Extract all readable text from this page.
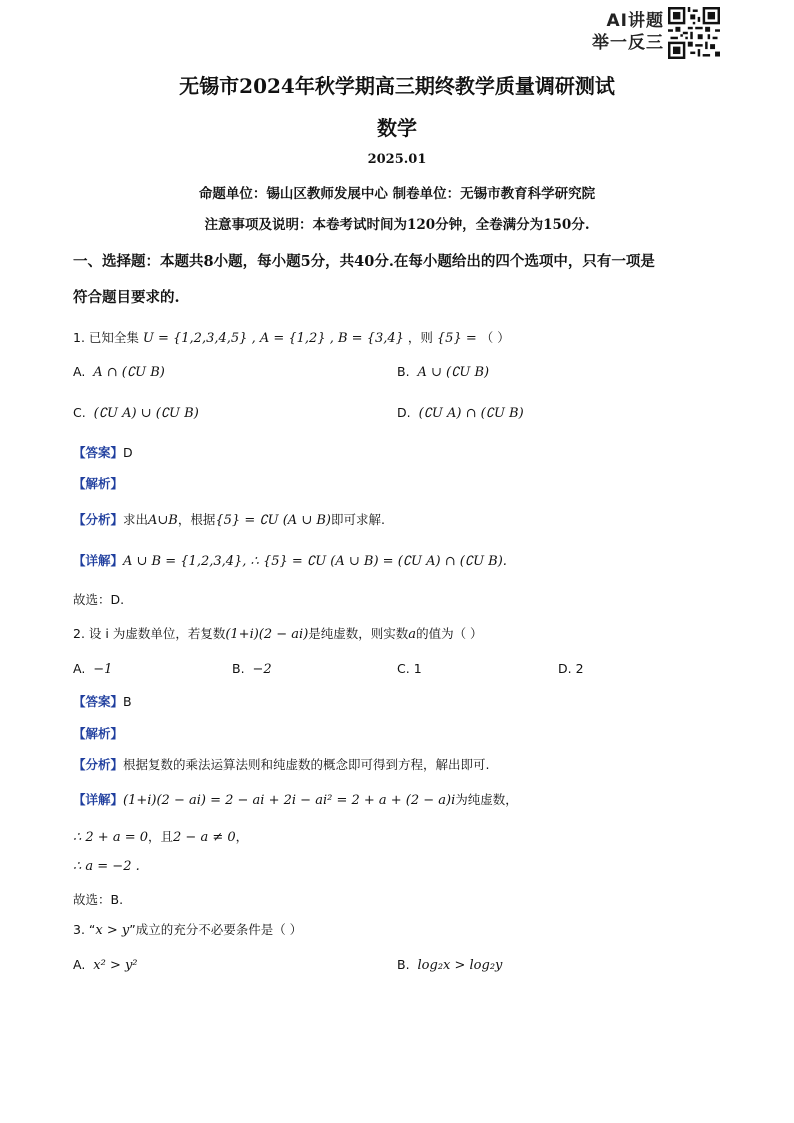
AI讲题
举一反三
无锡市2024年秋学期高三期终教学质量调研测试
数学
2025.01
命题单位：锡山区教师发展中心 制卷单位：无锡市教育科学研究院
注意事项及说明：本卷考试时间为120分钟，全卷满分为150分.
一、选择题：本题共8小题，每小题5分，共40分.在每小题给出的四个选项中，只有一项是
符合题目要求的.
1. 已知全集 U = {1,2,3,4,5} , A = {1,2} , B = {3,4} ，则 {5} = （ ）
A. A ∩ (∁U B)	B. A ∪ (∁U B)
C. (∁U A) ∪ (∁U B)	D. (∁U A) ∩ (∁U B)
【答案】D
【解析】
【分析】求出A∪B，根据{5} = ∁U (A ∪ B)即可求解.
【详解】A ∪ B = {1,2,3,4}, ∴ {5} = ∁U (A ∪ B) = (∁U A) ∩ (∁U B).
故选：D.
2. 设 i 为虚数单位，若复数(1+i)(2 − ai)是纯虚数，则实数a的值为（ ）
A. −1	B. −2	C. 1	D. 2
【答案】B
【解析】
【分析】根据复数的乘法运算法则和纯虚数的概念即可得到方程，解出即可.
【详解】(1+i)(2 − ai) = 2 − ai + 2i − ai² = 2 + a + (2 − a)i为纯虚数，
∴ 2 + a = 0，且2 − a ≠ 0，
∴ a = −2 .
故选：B.
3. “x > y”成立的充分不必要条件是（ ）
A. x² > y²	B. log₂x > log₂y
